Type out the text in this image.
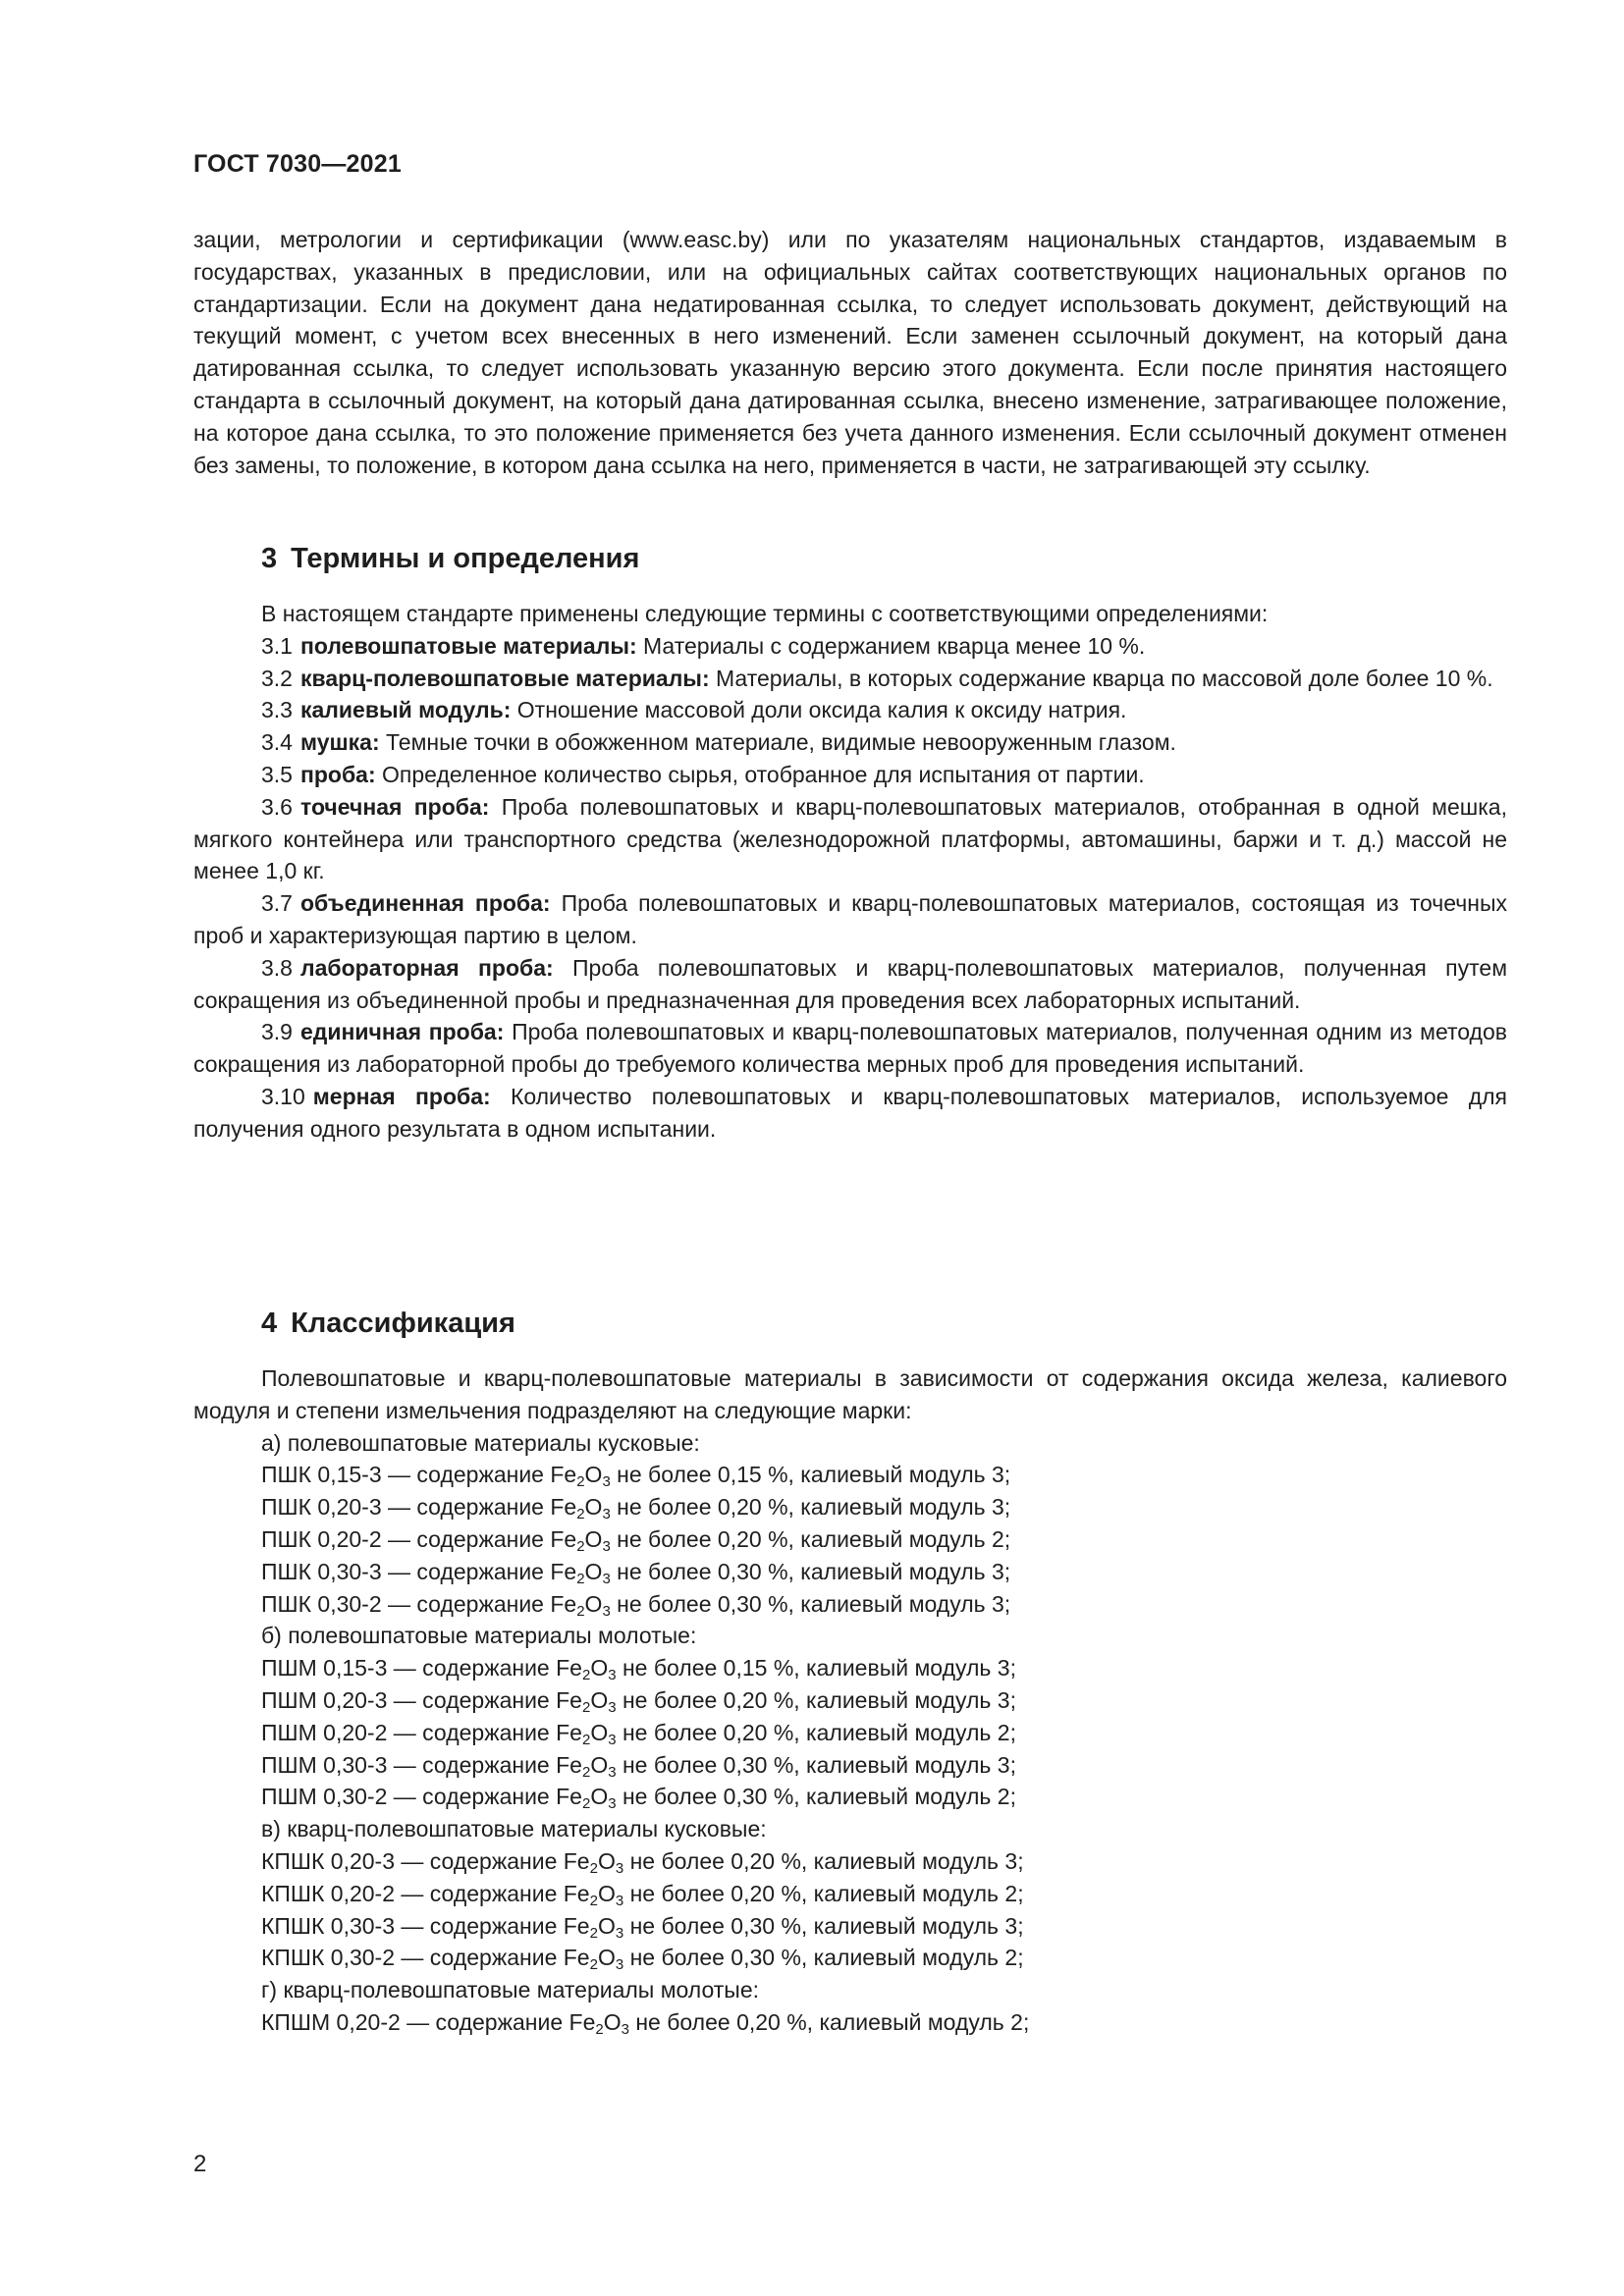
ГОСТ 7030—2021

зации, метрологии и сертификации (www.easc.by) или по указателям национальных стандартов, издаваемым в государствах, указанных в предисловии, или на официальных сайтах соответствующих национальных органов по стандартизации. Если на документ дана недатированная ссылка, то следует использовать документ, действующий на текущий момент, с учетом всех внесенных в него изменений. Если заменен ссылочный документ, на который дана датированная ссылка, то следует использовать указанную версию этого документа. Если после принятия настоящего стандарта в ссылочный документ, на который дана датированная ссылка, внесено изменение, затрагивающее положение, на которое дана ссылка, то это положение применяется без учета данного изменения. Если ссылочный документ отменен без замены, то положение, в котором дана ссылка на него, применяется в части, не затрагивающей эту ссылку.

3 Термины и определения

В настоящем стандарте применены следующие термины с соответствующими определениями:

3.1 полевошпатовые материалы: Материалы с содержанием кварца менее 10 %.

3.2 кварц-полевошпатовые материалы: Материалы, в которых содержание кварца по массовой доле более 10 %.

3.3 калиевый модуль: Отношение массовой доли оксида калия к оксиду натрия.

3.4 мушка: Темные точки в обожженном материале, видимые невооруженным глазом.

3.5 проба: Определенное количество сырья, отобранное для испытания от партии.

3.6 точечная проба: Проба полевошпатовых и кварц-полевошпатовых материалов, отобранная в одной мешка, мягкого контейнера или транспортного средства (железнодорожной платформы, автомашины, баржи и т. д.) массой не менее 1,0 кг.

3.7 объединенная проба: Проба полевошпатовых и кварц-полевошпатовых материалов, состоящая из точечных проб и характеризующая партию в целом.

3.8 лабораторная проба: Проба полевошпатовых и кварц-полевошпатовых материалов, полученная путем сокращения из объединенной пробы и предназначенная для проведения всех лабораторных испытаний.

3.9 единичная проба: Проба полевошпатовых и кварц-полевошпатовых материалов, полученная одним из методов сокращения из лабораторной пробы до требуемого количества мерных проб для проведения испытаний.

3.10 мерная проба: Количество полевошпатовых и кварц-полевошпатовых материалов, используемое для получения одного результата в одном испытании.

4 Классификация

Полевошпатовые и кварц-полевошпатовые материалы в зависимости от содержания оксида железа, калиевого модуля и степени измельчения подразделяют на следующие марки:

а) полевошпатовые материалы кусковые:

ПШК 0,15-3 — содержание $Fe_2O_3$ не более 0,15 %, калиевый модуль 3;

ПШК 0,20-3 — содержание $Fe_2O_3$ не более 0,20 %, калиевый модуль 3;

ПШК 0,20-2 — содержание $Fe_2O_3$ не более 0,20 %, калиевый модуль 2;

ПШК 0,30-3 — содержание $Fe_2O_3$ не более 0,30 %, калиевый модуль 3;

ПШК 0,30-2 — содержание $Fe_2O_3$ не более 0,30 %, калиевый модуль 3;

б) полевошпатовые материалы молотые:

ПШМ 0,15-3 — содержание $Fe_2O_3$ не более 0,15 %, калиевый модуль 3;

ПШМ 0,20-3 — содержание $Fe_2O_3$ не более 0,20 %, калиевый модуль 3;

ПШМ 0,20-2 — содержание $Fe_2O_3$ не более 0,20 %, калиевый модуль 2;

ПШМ 0,30-3 — содержание $Fe_2O_3$ не более 0,30 %, калиевый модуль 3;

ПШМ 0,30-2 — содержание $Fe_2O_3$ не более 0,30 %, калиевый модуль 2;

в) кварц-полевошпатовые материалы кусковые:

КПШК 0,20-3 — содержание $Fe_2O_3$ не более 0,20 %, калиевый модуль 3;

КПШК 0,20-2 — содержание $Fe_2O_3$ не более 0,20 %, калиевый модуль 2;

КПШК 0,30-3 — содержание $Fe_2O_3$ не более 0,30 %, калиевый модуль 3;

КПШК 0,30-2 — содержание $Fe_2O_3$ не более 0,30 %, калиевый модуль 2;

г) кварц-полевошпатовые материалы молотые:

КПШМ 0,20-2 — содержание $Fe_2O_3$ не более 0,20 %, калиевый модуль 2;

2
